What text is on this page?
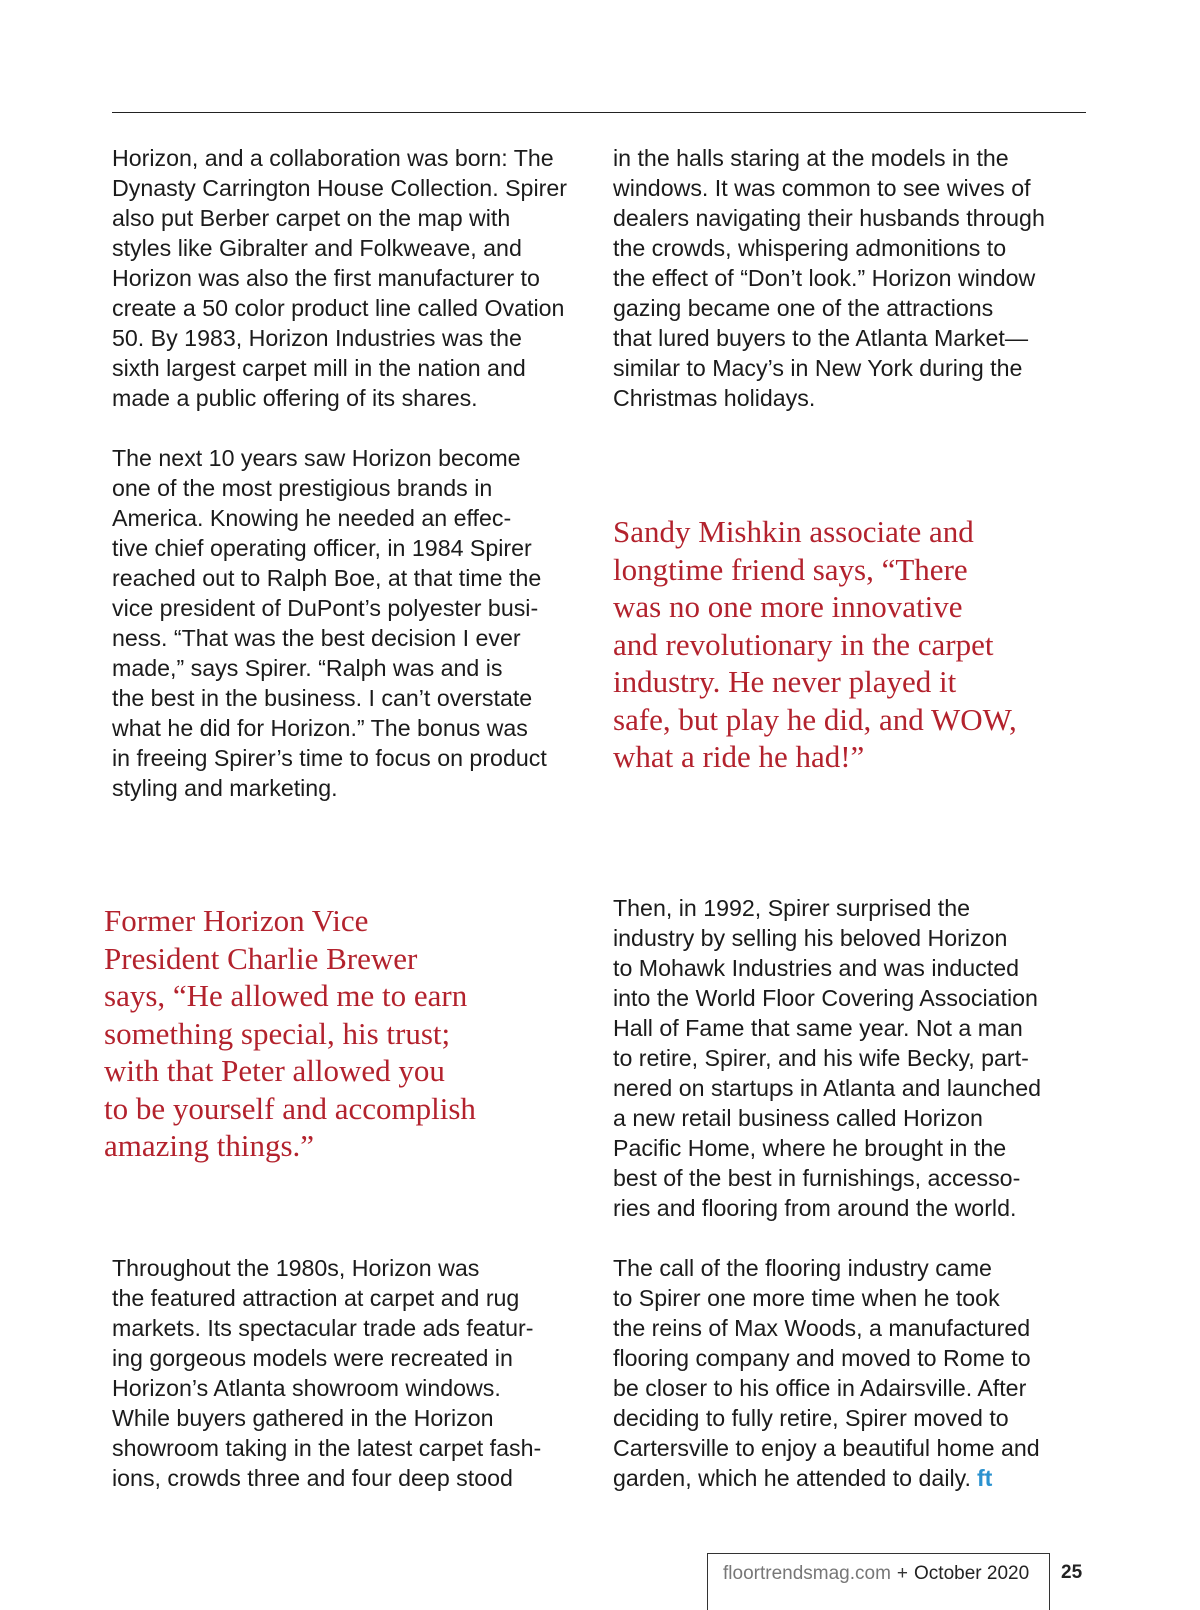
Horizon, and a collaboration was born: The
Dynasty Carrington House Collection. Spirer
also put Berber carpet on the map with
styles like Gibralter and Folkweave, and
Horizon was also the first manufacturer to
create a 50 color product line called Ovation
50. By 1983, Horizon Industries was the
sixth largest carpet mill in the nation and
made a public offering of its shares.
The next 10 years saw Horizon become
one of the most prestigious brands in
America. Knowing he needed an effec-
tive chief operating officer, in 1984 Spirer
reached out to Ralph Boe, at that time the
vice president of DuPont’s polyester busi-
ness. “That was the best decision I ever
made,” says Spirer. “Ralph was and is
the best in the business. I can’t overstate
what he did for Horizon.” The bonus was
in freeing Spirer’s time to focus on product
styling and marketing.
Former Horizon Vice
President Charlie Brewer
says, “He allowed me to earn
something special, his trust;
with that Peter allowed you
to be yourself and accomplish
amazing things.”
Throughout the 1980s, Horizon was
the featured attraction at carpet and rug
markets. Its spectacular trade ads featur-
ing gorgeous models were recreated in
Horizon’s Atlanta showroom windows.
While buyers gathered in the Horizon
showroom taking in the latest carpet fash-
ions, crowds three and four deep stood
in the halls staring at the models in the
windows. It was common to see wives of
dealers navigating their husbands through
the crowds, whispering admonitions to
the effect of “Don’t look.” Horizon window
gazing became one of the attractions
that lured buyers to the Atlanta Market—
similar to Macy’s in New York during the
Christmas holidays.
Sandy Mishkin associate and
longtime friend says, “There
was no one more innovative
and revolutionary in the carpet
industry. He never played it
safe, but play he did, and WOW,
what a ride he had!”
Then, in 1992, Spirer surprised the
industry by selling his beloved Horizon
to Mohawk Industries and was inducted
into the World Floor Covering Association
Hall of Fame that same year. Not a man
to retire, Spirer, and his wife Becky, part-
nered on startups in Atlanta and launched
a new retail business called Horizon
Pacific Home, where he brought in the
best of the best in furnishings, accesso-
ries and flooring from around the world.
The call of the flooring industry came
to Spirer one more time when he took
the reins of Max Woods, a manufactured
flooring company and moved to Rome to
be closer to his office in Adairsville. After
deciding to fully retire, Spirer moved to
Cartersville to enjoy a beautiful home and
garden, which he attended to daily. ft
floortrendsmag.com + October 2020 25
